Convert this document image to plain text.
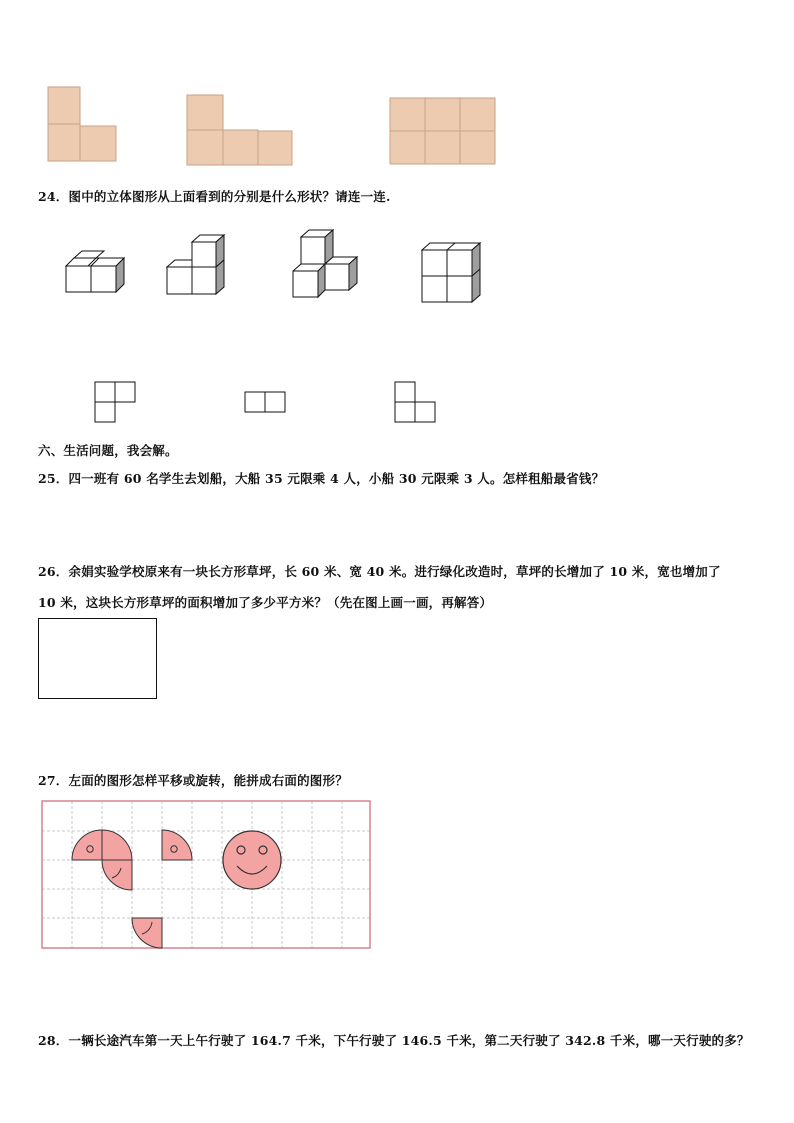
24．图中的立体图形从上面看到的分别是什么形状？请连一连.
六、生活问题，我会解。
25．四一班有 60 名学生去划船，大船 35 元限乘 4 人，小船 30 元限乘 3 人。怎样租船最省钱？
26．余娟实验学校原来有一块长方形草坪，长 60 米、宽 40 米。进行绿化改造时，草坪的长增加了 10 米，宽也增加了
10 米，这块长方形草坪的面积增加了多少平方米？（先在图上画一画，再解答）
27．左面的图形怎样平移或旋转，能拼成右面的图形？
28．一辆长途汽车第一天上午行驶了 164.7 千米，下午行驶了 146.5 千米，第二天行驶了 342.8 千米，哪一天行驶的多？
